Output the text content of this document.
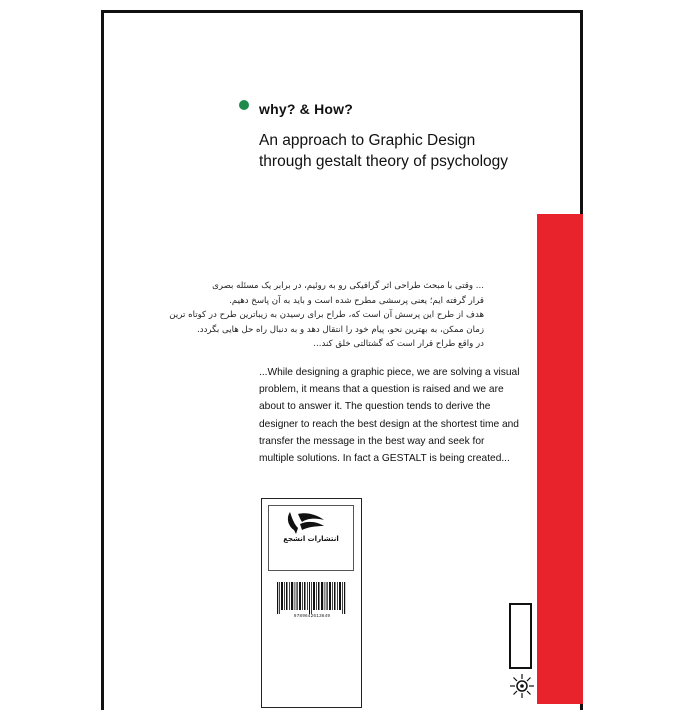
why? & How?
An approach to Graphic Design
through gestalt theory of psychology
... وقتی با مبحث طراحی اثر گرافیکی رو به روئیم، در برابر یک مسئله بصری
قرار گرفته ایم؛ یعنی پرسشی مطرح شده است و باید به آن پاسخ دهیم.
هدف از طرح این پرسش آن است که، طراح برای رسیدن به زیباترین طرح در کوتاه ترین
زمان ممکن، به بهترین نحو، پیام خود را انتقال دهد و به دنبال راه حل هایی بگردد.
در واقع طراح قرار است که گشتالتی خلق کند...
...While designing a graphic piece, we are solving a visual
problem, it means that a question is raised and we are
about to answer it. The question tends to derive the
designer to reach the best design at the shortest time and
transfer the message in the best way and seek for
multiple solutions. In fact a GESTALT is being created...
انتشارات انشجع
9789642613649
